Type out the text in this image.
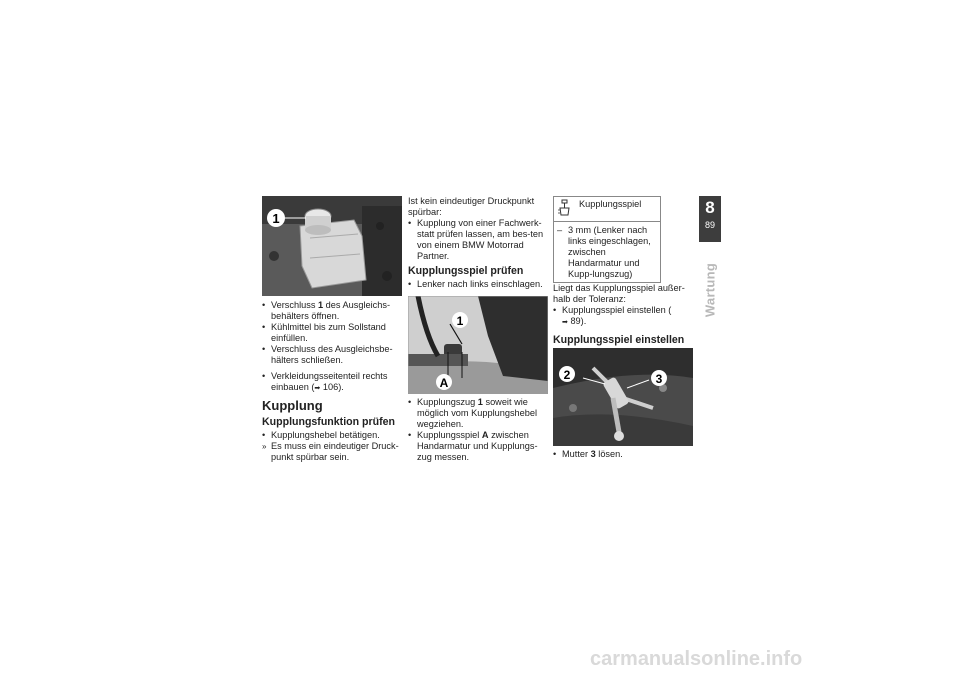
1

• Verschluss 1 des Ausgleichs-behälters öffnen.

• Kühlmittel bis zum Sollstand einfüllen.

• Verschluss des Ausgleichsbe-hälters schließen.

• Verkleidungsseitenteil rechts einbauen (➡ 106).

Kupplung
Kupplungsfunktion prüfen

• Kupplungshebel betätigen.

» Es muss ein eindeutiger Druck-punkt spürbar sein.

Ist kein eindeutiger Druckpunkt spürbar:

• Kupplung von einer Fachwerk-statt prüfen lassen, am bes-ten von einem BMW Motorrad Partner.

Kupplungsspiel prüfen

• Lenker nach links einschlagen.

1
A

• Kupplungszug 1 soweit wie möglich vom Kupplungshebel wegziehen.

• Kupplungsspiel A zwischen Handarmatur und Kupplungs-zug messen.

Kupplungsspiel

– 3 mm (Lenker nach links eingeschlagen, zwischen Handarmatur und Kupp-lungszug)

Liegt das Kupplungsspiel außer-halb der Toleranz:

• Kupplungsspiel einstellen (
➡ 89).

Kupplungsspiel einstellen
2	3

• Mutter 3 lösen.

8
89
Wartung
carmanualsonline.info
